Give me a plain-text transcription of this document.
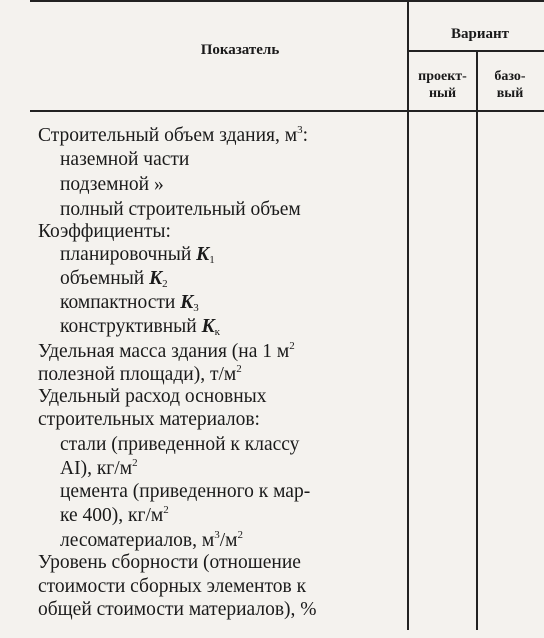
Показатель
Вариант
проект-
ный
базо-
вый
Строительный объем здания, $м^3$:
наземной части
подземной »
полный строительный объем
Коэффициенты:
планировочный $K_1$
объемный $K_2$
компактности $K_3$
конструктивный $K_к$
Удельная масса здания (на 1 $м^2$
полезной площади), $т/м^2$
Удельный расход основных
строительных материалов:
стали (приведенной к классу
AI), $кг/м^2$
цемента (приведенного к мар-
ке 400), $кг/м^2$
лесоматериалов, $м^3/м^2$
Уровень сборности (отношение
стоимости сборных элементов к
общей стоимости материалов), %
